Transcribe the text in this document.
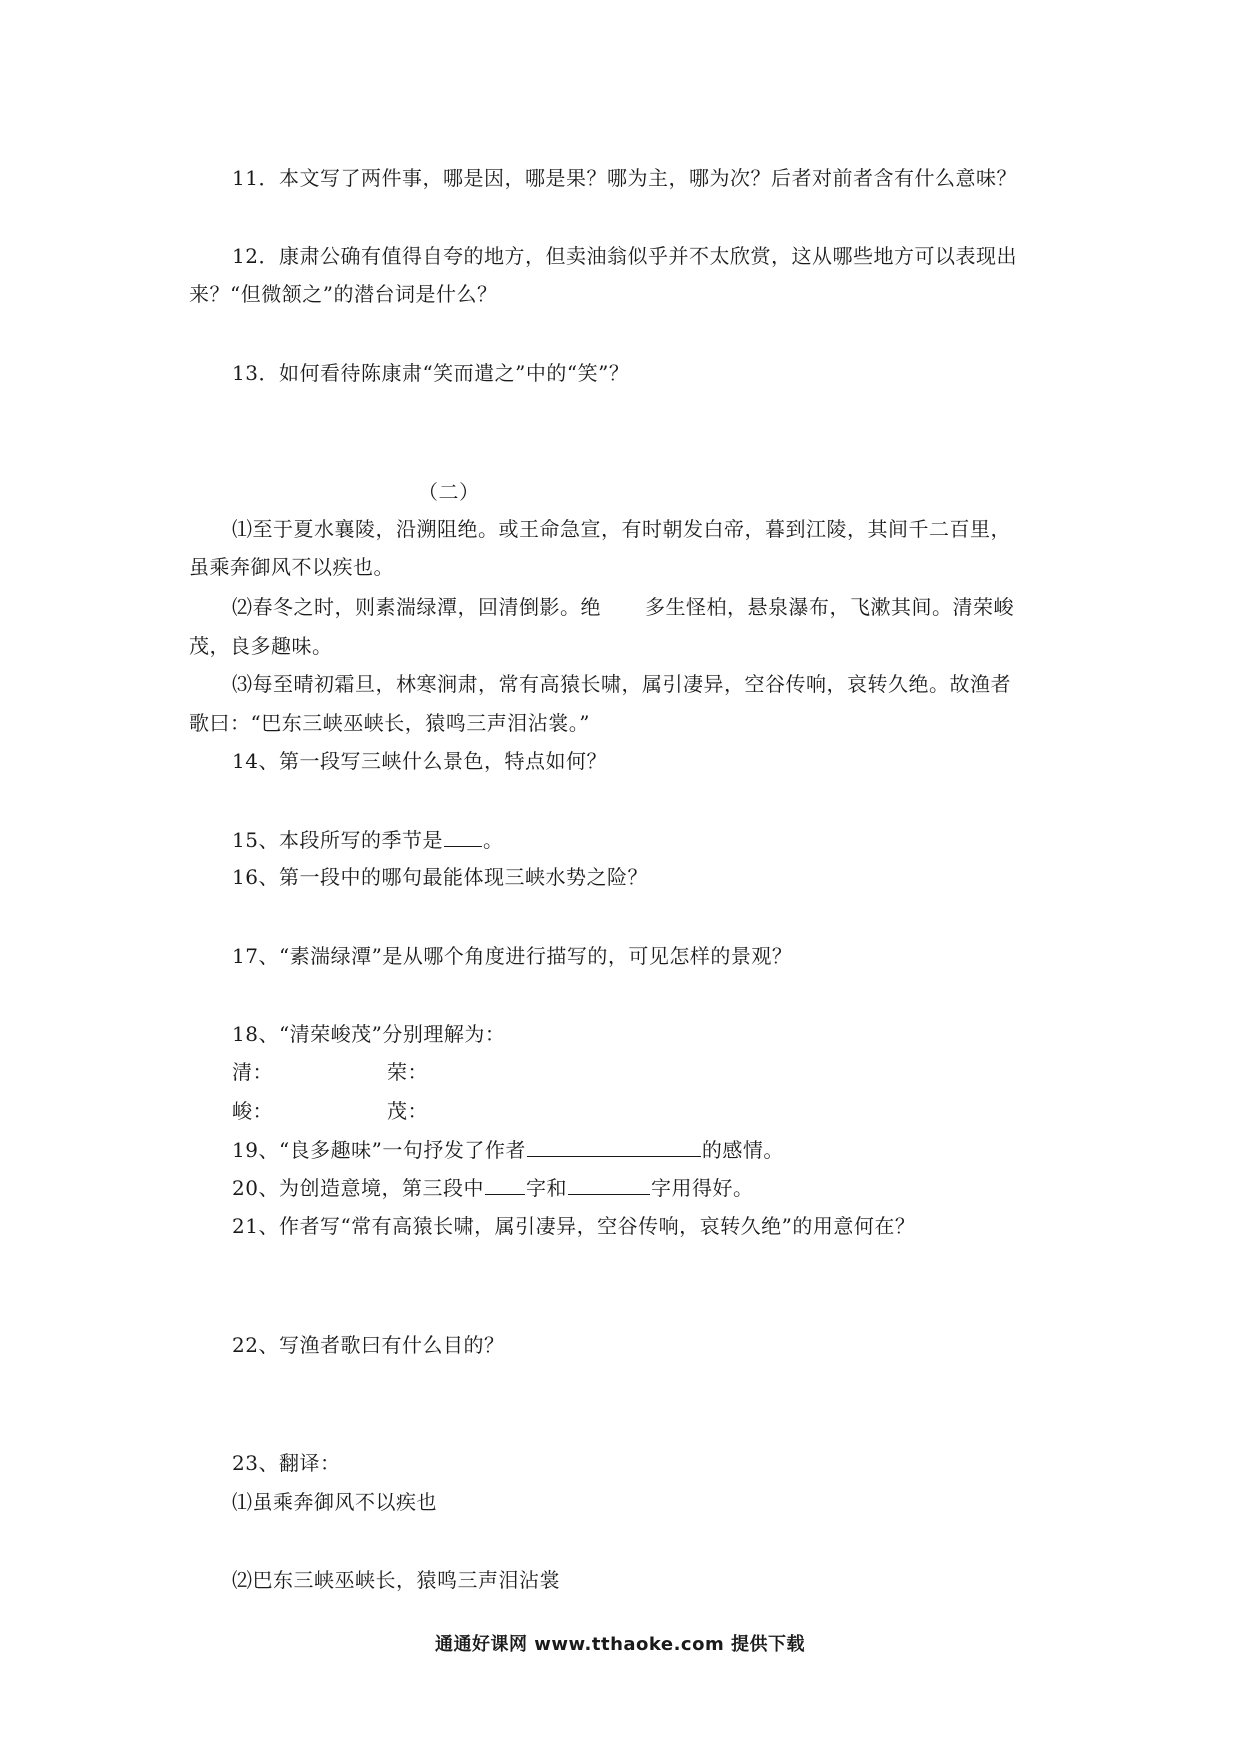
11．本文写了两件事，哪是因，哪是果？哪为主，哪为次？后者对前者含有什么意味？
12．康肃公确有值得自夸的地方，但卖油翁似乎并不太欣赏，这从哪些地方可以表现出
来？“但微颔之”的潜台词是什么？
13．如何看待陈康肃“笑而遣之”中的“笑”？
（二）
⑴至于夏水襄陵，沿溯阻绝。或王命急宣，有时朝发白帝，暮到江陵，其间千二百里，
虽乘奔御风不以疾也。
⑵春冬之时，则素湍绿潭，回清倒影。绝 多生怪柏，悬泉瀑布，飞漱其间。清荣峻
茂，良多趣味。
⑶每至晴初霜旦，林寒涧肃，常有高猿长啸，属引凄异，空谷传响，哀转久绝。故渔者
歌曰：“巴东三峡巫峡长，猿鸣三声泪沾裳。”
14、第一段写三峡什么景色，特点如何？
15、本段所写的季节是 。
16、第一段中的哪句最能体现三峡水势之险？
17、“素湍绿潭”是从哪个角度进行描写的，可见怎样的景观？
18、“清荣峻茂”分别理解为：
清：	荣：
峻：	茂：
19、“良多趣味”一句抒发了作者	的感情。
20、为创造意境，第三段中 字和	字用得好。
21、作者写“常有高猿长啸，属引凄异，空谷传响，哀转久绝”的用意何在？
22、写渔者歌曰有什么目的？
23、翻译：
⑴虽乘奔御风不以疾也
⑵巴东三峡巫峡长，猿鸣三声泪沾裳
通通好课网 www.tthaoke.com 提供下载
